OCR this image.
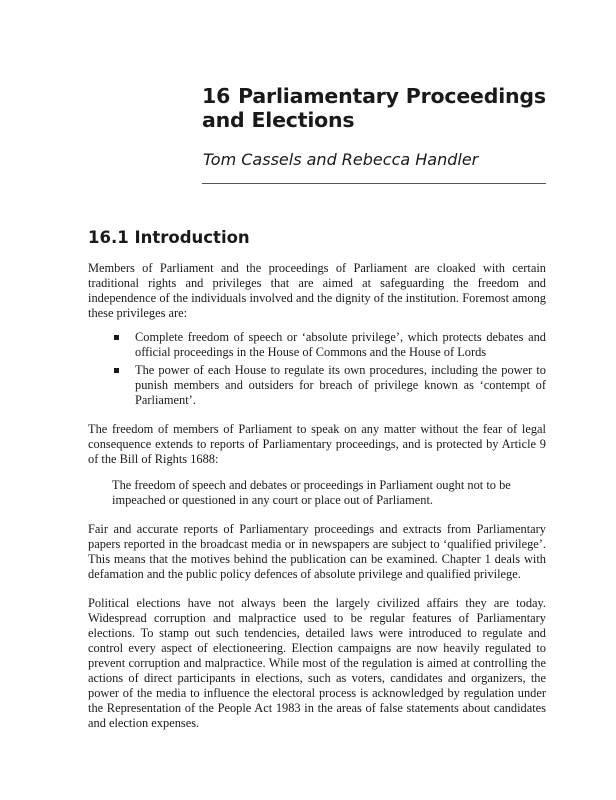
16 Parliamentary Proceedings and Elections

Tom Cassels and Rebecca Handler

16.1 Introduction

Members of Parliament and the proceedings of Parliament are cloaked with certain traditional rights and privileges that are aimed at safeguarding the freedom and independence of the individuals involved and the dignity of the institution. Foremost among these privileges are:

Complete freedom of speech or ‘absolute privilege’, which protects debates and official proceedings in the House of Commons and the House of Lords
The power of each House to regulate its own procedures, including the power to punish members and outsiders for breach of privilege known as ‘contempt of Parliament’.

The freedom of members of Parliament to speak on any matter without the fear of legal consequence extends to reports of Parliamentary proceedings, and is protected by Article 9 of the Bill of Rights 1688:

The freedom of speech and debates or proceedings in Parliament ought not to be impeached or questioned in any court or place out of Parliament.

Fair and accurate reports of Parliamentary proceedings and extracts from Parliamentary papers reported in the broadcast media or in newspapers are subject to ‘qualified privilege’. This means that the motives behind the publication can be examined. Chapter 1 deals with defamation and the public policy defences of absolute privilege and qualified privilege.

Political elections have not always been the largely civilized affairs they are today. Widespread corruption and malpractice used to be regular features of Parliamentary elections. To stamp out such tendencies, detailed laws were introduced to regulate and control every aspect of electioneering. Election campaigns are now heavily regulated to prevent corruption and malpractice. While most of the regulation is aimed at controlling the actions of direct participants in elections, such as voters, candidates and organizers, the power of the media to influence the electoral process is acknowledged by regulation under the Representation of the People Act 1983 in the areas of false statements about candidates and election expenses.
